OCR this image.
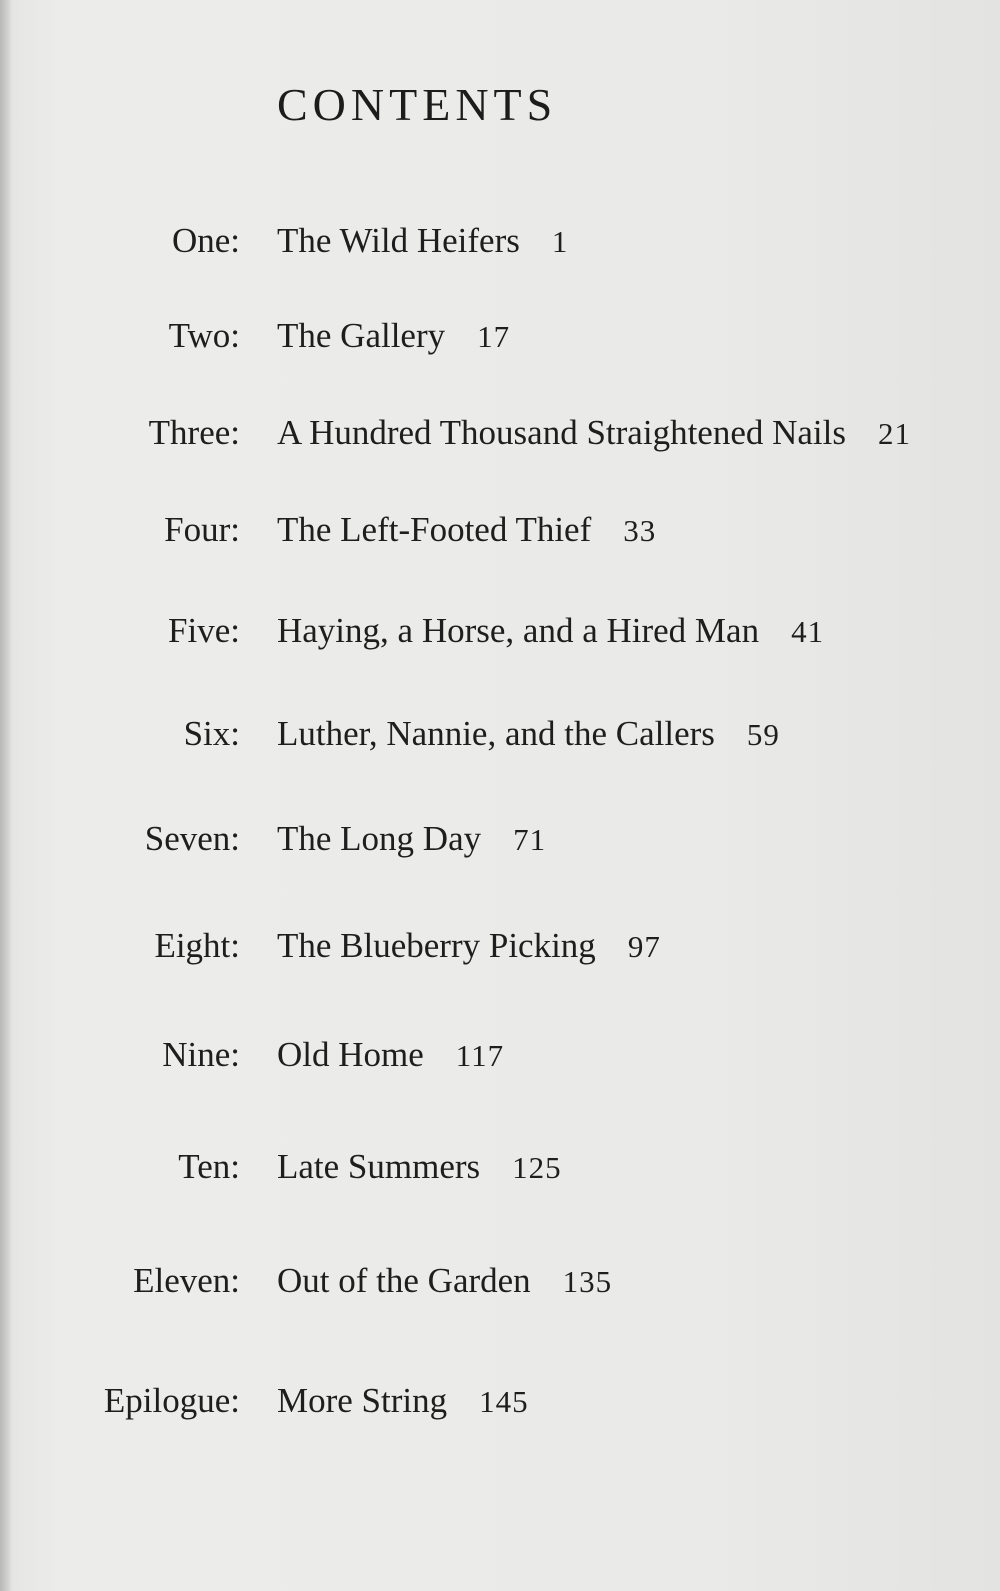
CONTENTS
One: The Wild Heifers 1
Two: The Gallery 17
Three: A Hundred Thousand Straightened Nails 21
Four: The Left-Footed Thief 33
Five: Haying, a Horse, and a Hired Man 41
Six: Luther, Nannie, and the Callers 59
Seven: The Long Day 71
Eight: The Blueberry Picking 97
Nine: Old Home 117
Ten: Late Summers 125
Eleven: Out of the Garden 135
Epilogue: More String 145
